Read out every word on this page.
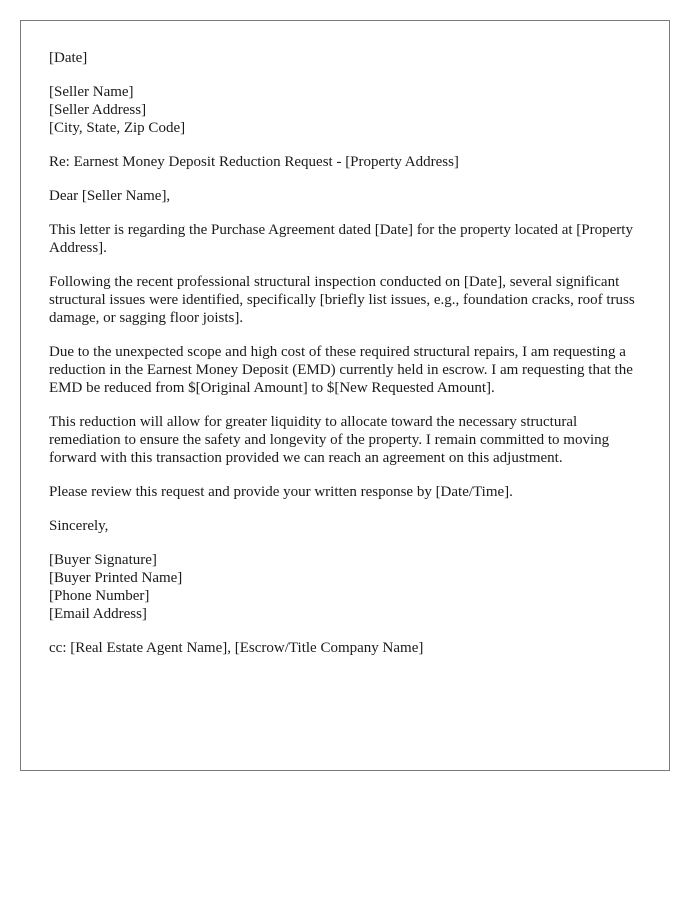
[Date]
[Seller Name]
[Seller Address]
[City, State, Zip Code]

Re: Earnest Money Deposit Reduction Request - [Property Address]

Dear [Seller Name],

This letter is regarding the Purchase Agreement dated [Date] for the property located at [Property Address].

Following the recent professional structural inspection conducted on [Date], several significant structural issues were identified, specifically [briefly list issues, e.g., foundation cracks, roof truss damage, or sagging floor joists].

Due to the unexpected scope and high cost of these required structural repairs, I am requesting a reduction in the Earnest Money Deposit (EMD) currently held in escrow. I am requesting that the EMD be reduced from $[Original Amount] to $[New Requested Amount].

This reduction will allow for greater liquidity to allocate toward the necessary structural remediation to ensure the safety and longevity of the property. I remain committed to moving forward with this transaction provided we can reach an agreement on this adjustment.

Please review this request and provide your written response by [Date/Time].

Sincerely,

[Buyer Signature]
[Buyer Printed Name]
[Phone Number]
[Email Address]

cc: [Real Estate Agent Name], [Escrow/Title Company Name]
